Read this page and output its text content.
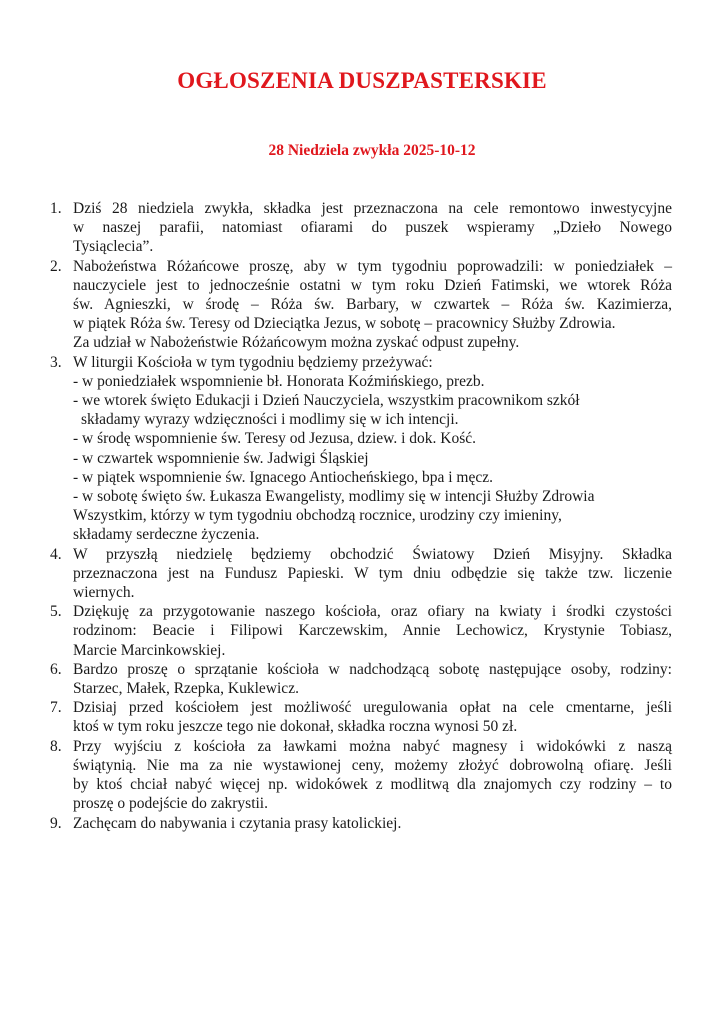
OGŁOSZENIA DUSZPASTERSKIE
28 Niedziela zwykła 2025-10-12
1. Dziś 28 niedziela zwykła, składka jest przeznaczona na cele remontowo inwestycyjne
w naszej parafii, natomiast ofiarami do puszek wspieramy „Dzieło Nowego
Tysiąclecia”.
2. Nabożeństwa Różańcowe proszę, aby w tym tygodniu poprowadzili: w poniedziałek –
nauczyciele jest to jednocześnie ostatni w tym roku Dzień Fatimski, we wtorek Róża
św. Agnieszki, w środę – Róża św. Barbary, w czwartek – Róża św. Kazimierza,
w piątek Róża św. Teresy od Dzieciątka Jezus, w sobotę – pracownicy Służby Zdrowia.
Za udział w Nabożeństwie Różańcowym można zyskać odpust zupełny.
3. W liturgii Kościoła w tym tygodniu będziemy przeżywać:
- w poniedziałek wspomnienie bł. Honorata Koźmińskiego, prezb.
- we wtorek święto Edukacji i Dzień Nauczyciela, wszystkim pracownikom szkół
składamy wyrazy wdzięczności i modlimy się w ich intencji.
- w środę wspomnienie św. Teresy od Jezusa, dziew. i dok. Kość.
- w czwartek wspomnienie św. Jadwigi Śląskiej
- w piątek wspomnienie św. Ignacego Antiocheńskiego, bpa i męcz.
- w sobotę święto św. Łukasza Ewangelisty, modlimy się w intencji Służby Zdrowia
Wszystkim, którzy w tym tygodniu obchodzą rocznice, urodziny czy imieniny,
składamy serdeczne życzenia.
4. W przyszłą niedzielę będziemy obchodzić Światowy Dzień Misyjny. Składka
przeznaczona jest na Fundusz Papieski. W tym dniu odbędzie się także tzw. liczenie
wiernych.
5. Dziękuję za przygotowanie naszego kościoła, oraz ofiary na kwiaty i środki czystości
rodzinom: Beacie i Filipowi Karczewskim, Annie Lechowicz, Krystynie Tobiasz,
Marcie Marcinkowskiej.
6. Bardzo proszę o sprzątanie kościoła w nadchodzącą sobotę następujące osoby, rodziny:
Starzec, Małek, Rzepka, Kuklewicz.
7. Dzisiaj przed kościołem jest możliwość uregulowania opłat na cele cmentarne, jeśli
ktoś w tym roku jeszcze tego nie dokonał, składka roczna wynosi 50 zł.
8. Przy wyjściu z kościoła za ławkami można nabyć magnesy i widokówki z naszą
świątynią. Nie ma za nie wystawionej ceny, możemy złożyć dobrowolną ofiarę. Jeśli
by ktoś chciał nabyć więcej np. widokówek z modlitwą dla znajomych czy rodziny – to
proszę o podejście do zakrystii.
9. Zachęcam do nabywania i czytania prasy katolickiej.
